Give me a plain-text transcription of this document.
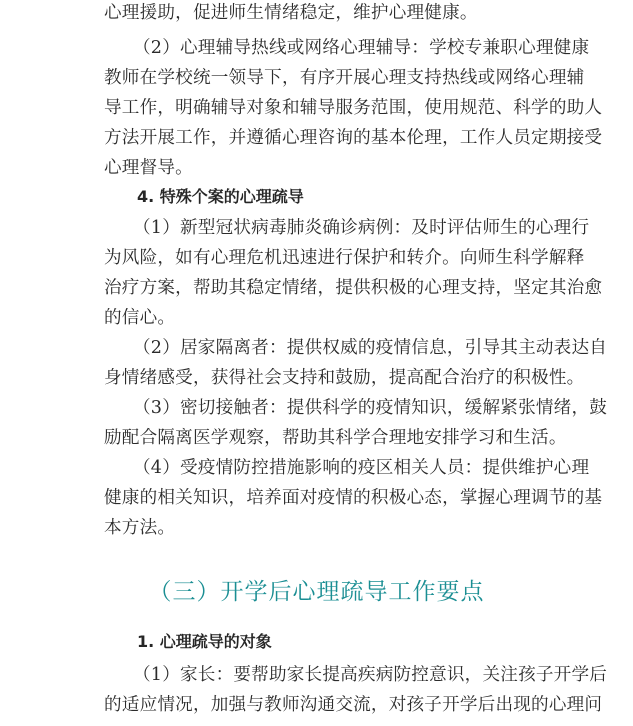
心理援助，促进师生情绪稳定，维护心理健康。
（2）心理辅导热线或网络心理辅导：学校专兼职心理健康
教师在学校统一领导下，有序开展心理支持热线或网络心理辅
导工作，明确辅导对象和辅导服务范围，使用规范、科学的助人
方法开展工作，并遵循心理咨询的基本伦理，工作人员定期接受
心理督导。
4. 特殊个案的心理疏导
（1）新型冠状病毒肺炎确诊病例：及时评估师生的心理行
为风险，如有心理危机迅速进行保护和转介。向师生科学解释
治疗方案，帮助其稳定情绪，提供积极的心理支持，坚定其治愈
的信心。
（2）居家隔离者：提供权威的疫情信息，引导其主动表达自
身情绪感受，获得社会支持和鼓励，提高配合治疗的积极性。
（3）密切接触者：提供科学的疫情知识，缓解紧张情绪，鼓
励配合隔离医学观察，帮助其科学合理地安排学习和生活。
（4）受疫情防控措施影响的疫区相关人员：提供维护心理
健康的相关知识，培养面对疫情的积极心态，掌握心理调节的基
本方法。
（三）开学后心理疏导工作要点
1. 心理疏导的对象
（1）家长：要帮助家长提高疾病防控意识，关注孩子开学后
的适应情况，加强与教师沟通交流，对孩子开学后出现的心理问
